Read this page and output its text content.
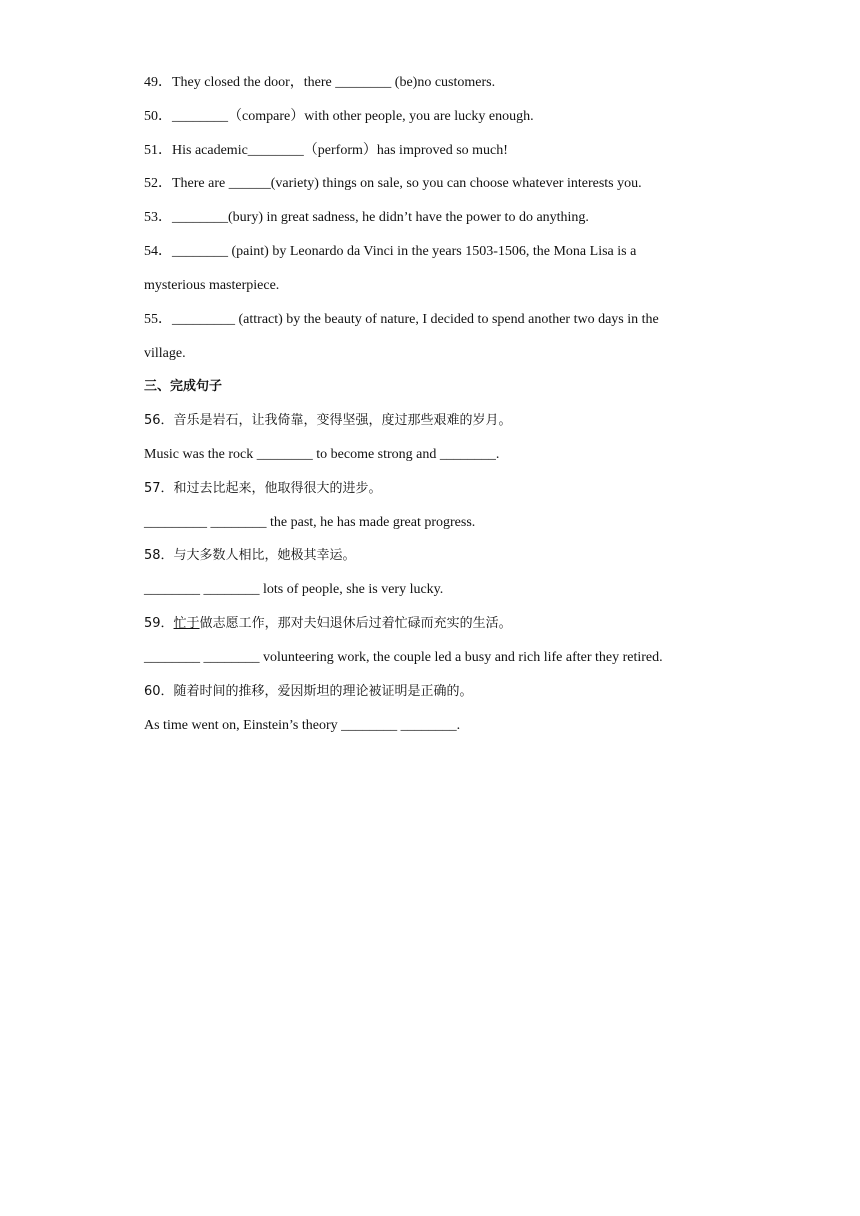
49．They closed the door，there ________ (be)no customers.
50．________（compare）with other people, you are lucky enough.
51．His academic________（perform）has improved so much!
52．There are ______(variety) things on sale, so you can choose whatever interests you.
53．________(bury) in great sadness, he didn’t have the power to do anything.
54．________ (paint) by Leonardo da Vinci in the years 1503-1506, the Mona Lisa is a
mysterious masterpiece.
55．_________ (attract) by the beauty of nature, I decided to spend another two days in the
village.
三、完成句子
56．音乐是岩石，让我倚靠，变得坚强，度过那些艰难的岁月。
Music was the rock ________ to become strong and ________.
57．和过去比起来，他取得很大的进步。
_________ ________ the past, he has made great progress.
58．与大多数人相比，她极其幸运。
________ ________ lots of people, she is very lucky.
59．忙于做志愿工作，那对夫妇退休后过着忙碌而充实的生活。
________ ________ volunteering work, the couple led a busy and rich life after they retired.
60．随着时间的推移，爱因斯坦的理论被证明是正确的。
As time went on, Einstein’s theory ________ ________.
